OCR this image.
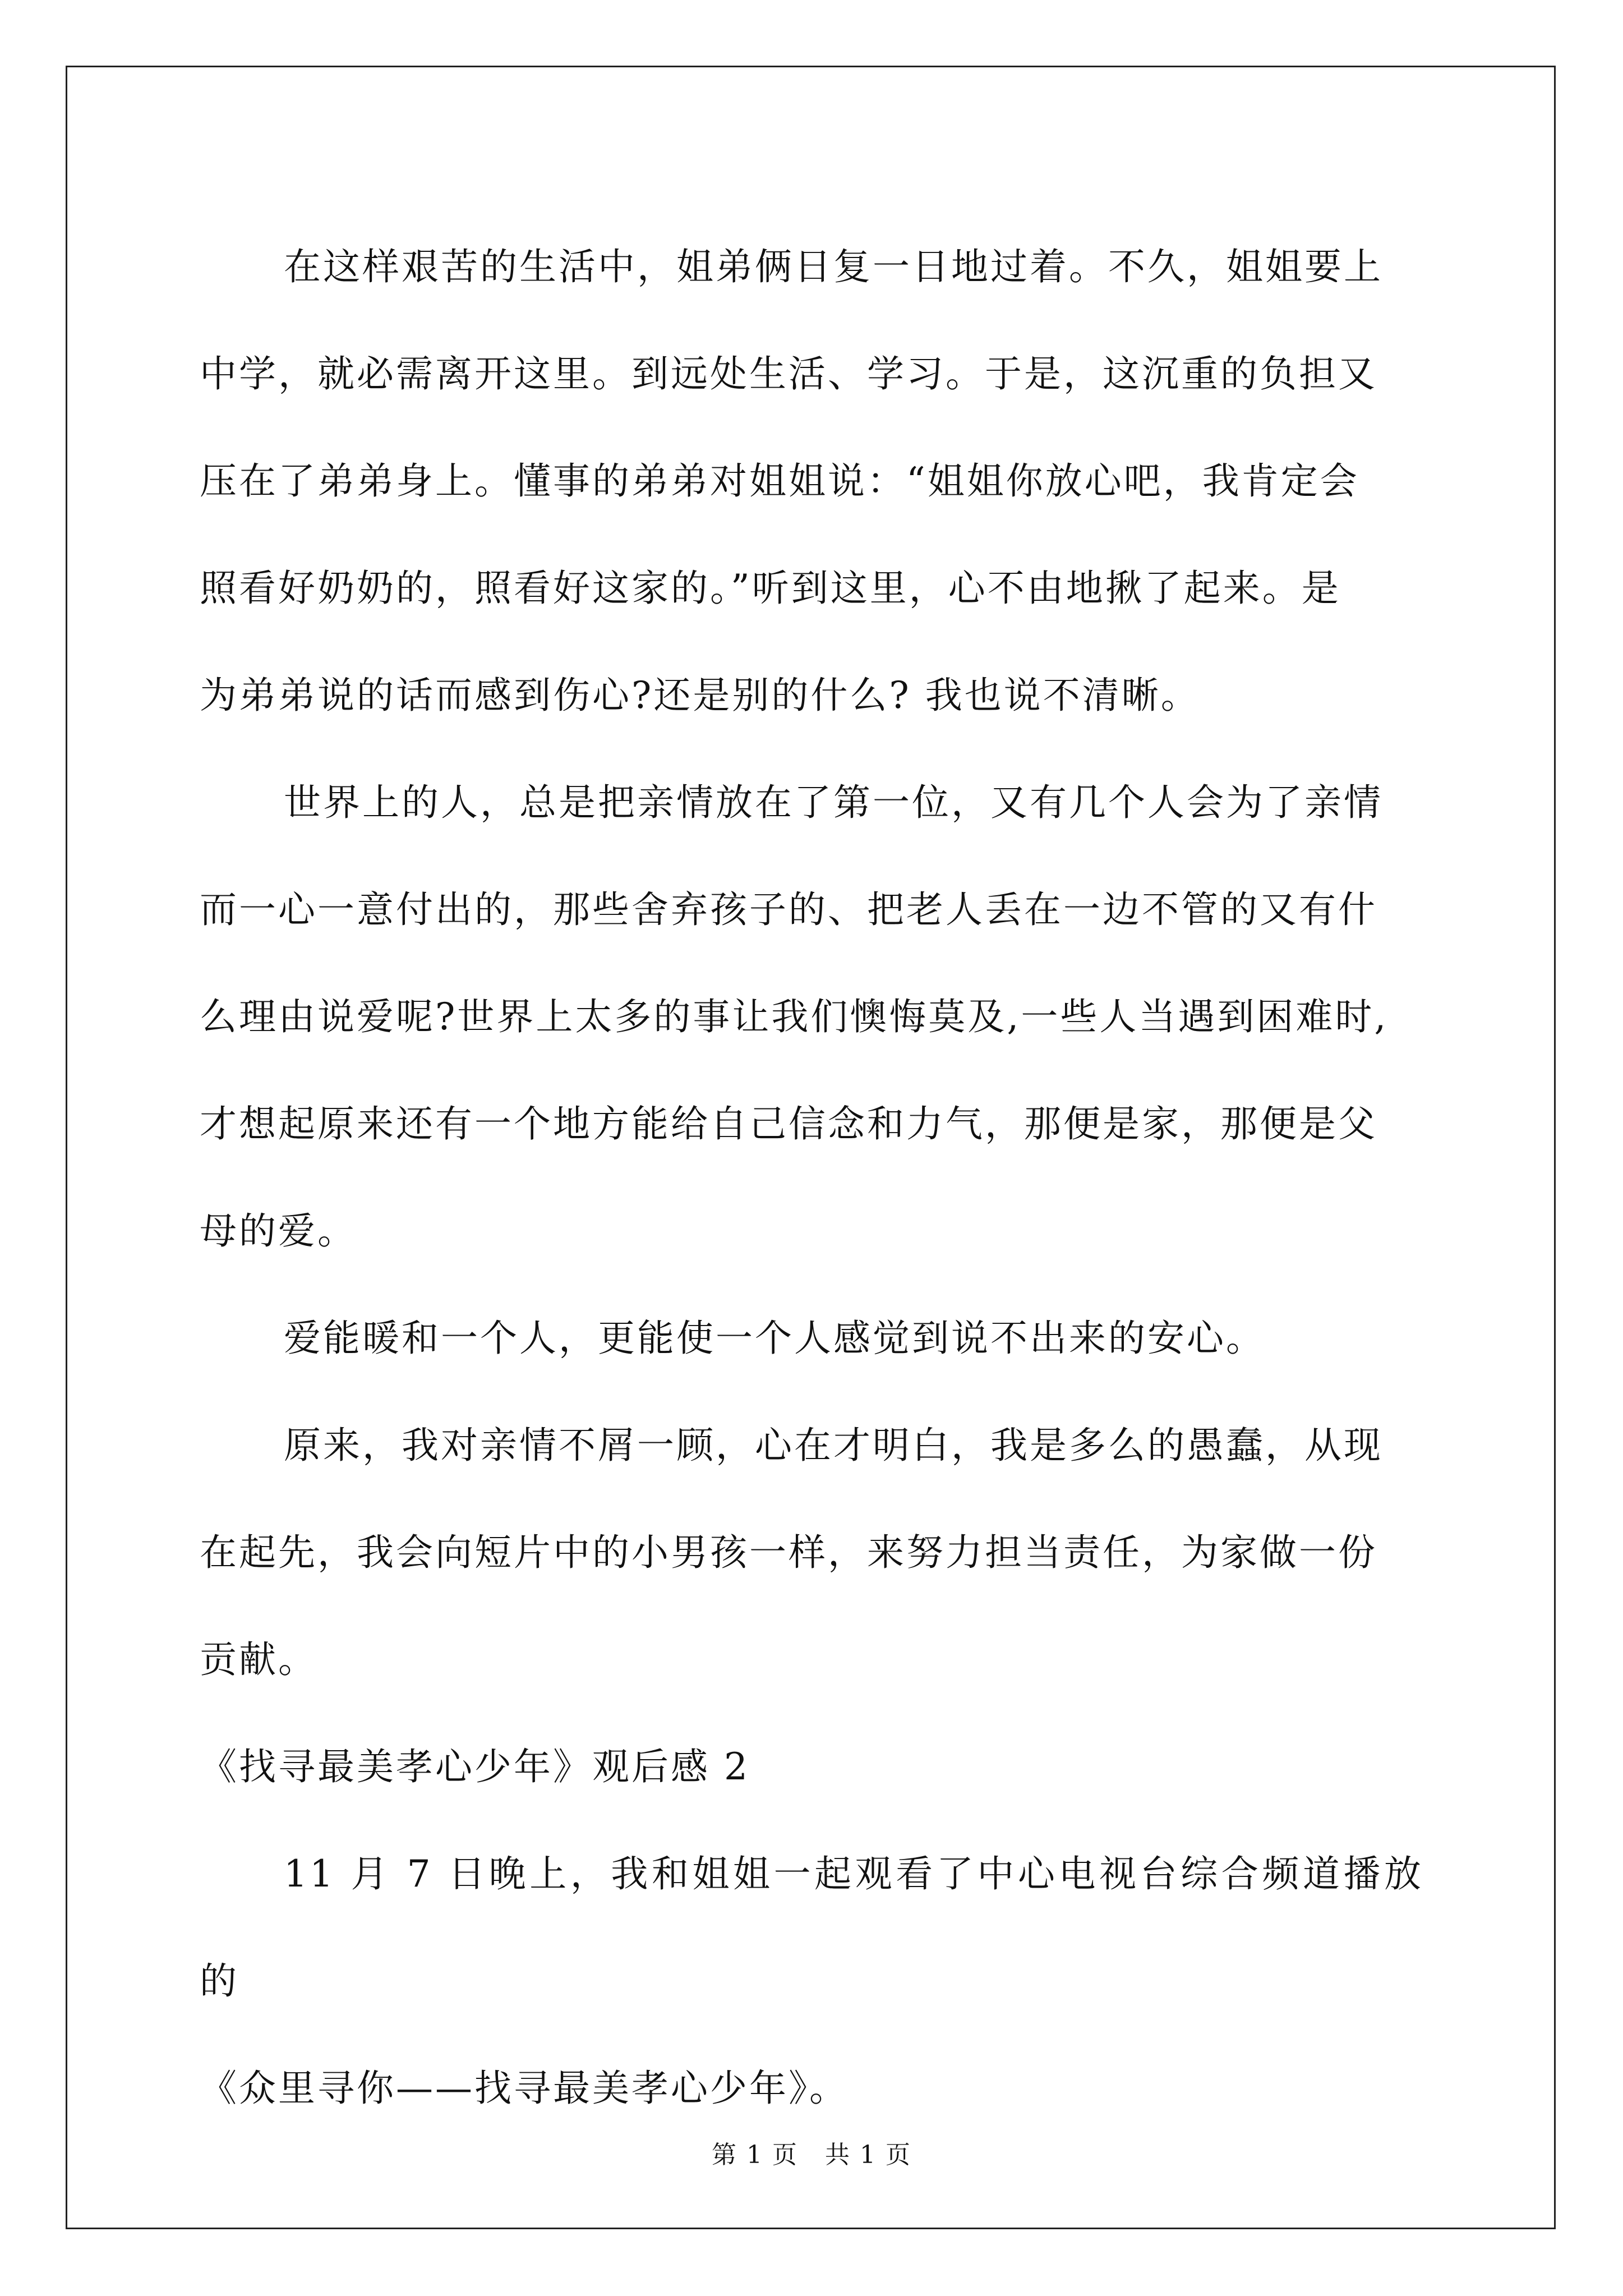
在这样艰苦的生活中，姐弟俩日复一日地过着。不久，姐姐要上
中学，就必需离开这里。到远处生活、学习。于是，这沉重的负担又
压在了弟弟身上。懂事的弟弟对姐姐说：“姐姐你放心吧，我肯定会
照看好奶奶的，照看好这家的。”听到这里，心不由地揪了起来。是
为弟弟说的话而感到伤心?还是别的什么? 我也说不清晰。

世界上的人，总是把亲情放在了第一位，又有几个人会为了亲情
而一心一意付出的，那些舍弃孩子的、把老人丢在一边不管的又有什
么理由说爱呢?世界上太多的事让我们懊悔莫及,一些人当遇到困难时,
才想起原来还有一个地方能给自己信念和力气，那便是家，那便是父
母的爱。

爱能暖和一个人，更能使一个人感觉到说不出来的安心。

原来，我对亲情不屑一顾，心在才明白，我是多么的愚蠢，从现
在起先，我会向短片中的小男孩一样，来努力担当责任，为家做一份
贡献。

《找寻最美孝心少年》观后感 2

11 月 7 日晚上，我和姐姐一起观看了中心电视台综合频道播放的
《众里寻你——找寻最美孝心少年》。

第 1 页 共 1 页
